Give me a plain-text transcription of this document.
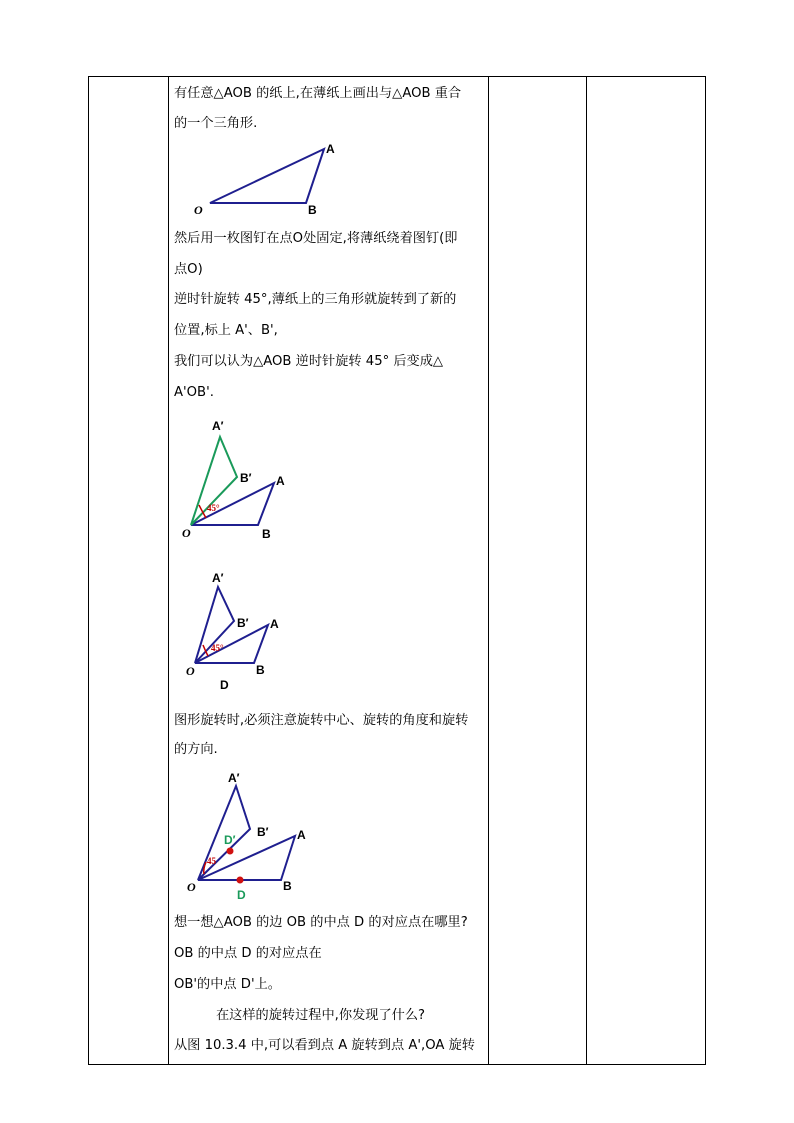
有任意△AOB 的纸上,在薄纸上画出与△AOB 重合
的一个三角形.
O
A
B
然后用一枚图钉在点O处固定,将薄纸绕着图钉(即
点O)
逆时针旋转 45°,薄纸上的三角形就旋转到了新的
位置,标上 A'、B',
我们可以认为△AOB 逆时针旋转 45° 后变成△
A'OB'.
45°
O
A
B
A′
B′
45°
O
A
B
A′
B′
D
图形旋转时,必须注意旋转中心、旋转的角度和旋转
的方向.
45
O
A
B
A′
B′
D′
D
想一想△AOB 的边 OB 的中点 D 的对应点在哪里?
OB 的中点 D 的对应点在
OB'的中点 D'上。
在这样的旋转过程中,你发现了什么?
从图 10.3.4 中,可以看到点 A 旋转到点 A',OA 旋转
